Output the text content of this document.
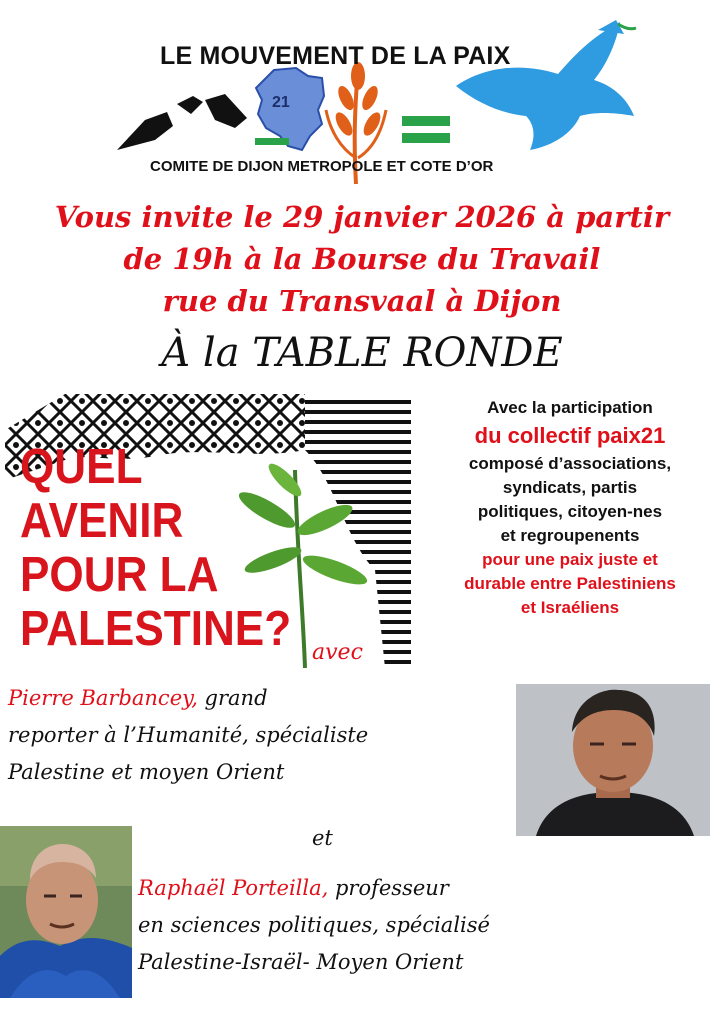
21
LE MOUVEMENT DE LA PAIX
COMITE DE DIJON METROPOLE ET COTE D’OR
Vous invite le 29 janvier 2026 à partir
de 19h à la Bourse du Travail
rue du Transvaal à Dijon
À la TABLE RONDE
QUEL
AVENIR
POUR LA
PALESTINE? avec
Avec la participation
du collectif paix21
composé d’associations,
syndicats, partis
politiques, citoyen-nes
et regroupenents
pour une paix juste et
durable entre Palestiniens
et Israéliens
Pierre Barbancey, grand
reporter à l’Humanité, spécialiste
Palestine et moyen Orient
et
Raphaël Porteilla, professeur
en sciences politiques, spécialisé
Palestine-Israël- Moyen Orient
